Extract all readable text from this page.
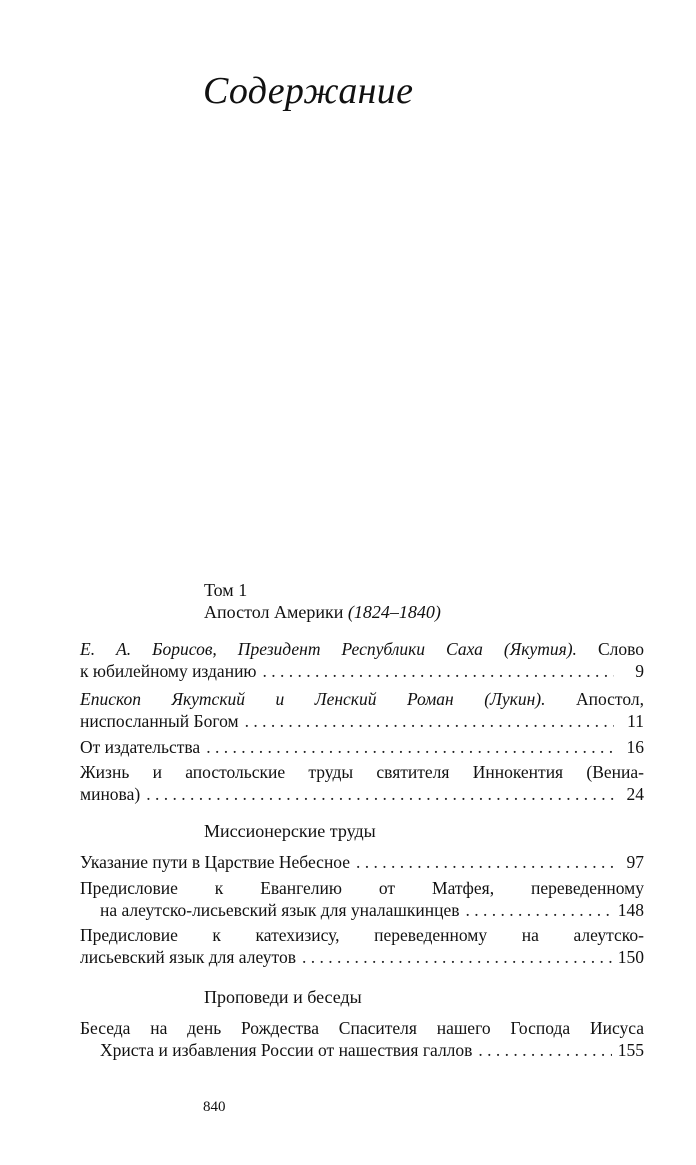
Содержание
Том 1
Апостол Америки (1824–1840)
Е. А. Борисов, Президент Республики Саха (Якутия). Слово
к юбилейному изданию . . .	9
Епископ Якутский и Ленский Роман (Лукин). Апостол,
ниспосланный Богом . . .	11
От издательства . . .	16
Жизнь и апостольские труды святителя Иннокентия (Вениа-
минова) . . .	24
Миссионерские труды
Указание пути в Царствие Небесное . . .	97
Предисловие к Евангелию от Матфея, переведенному
на алеутско-лисьевский язык для уналашкинцев . . .	148
Предисловие к катехизису, переведенному на алеутско-
лисьевский язык для алеутов . . .	150
Проповеди и беседы
Беседа на день Рождества Спасителя нашего Господа Иисуса
Христа и избавления России от нашествия галлов . . .	155
840
